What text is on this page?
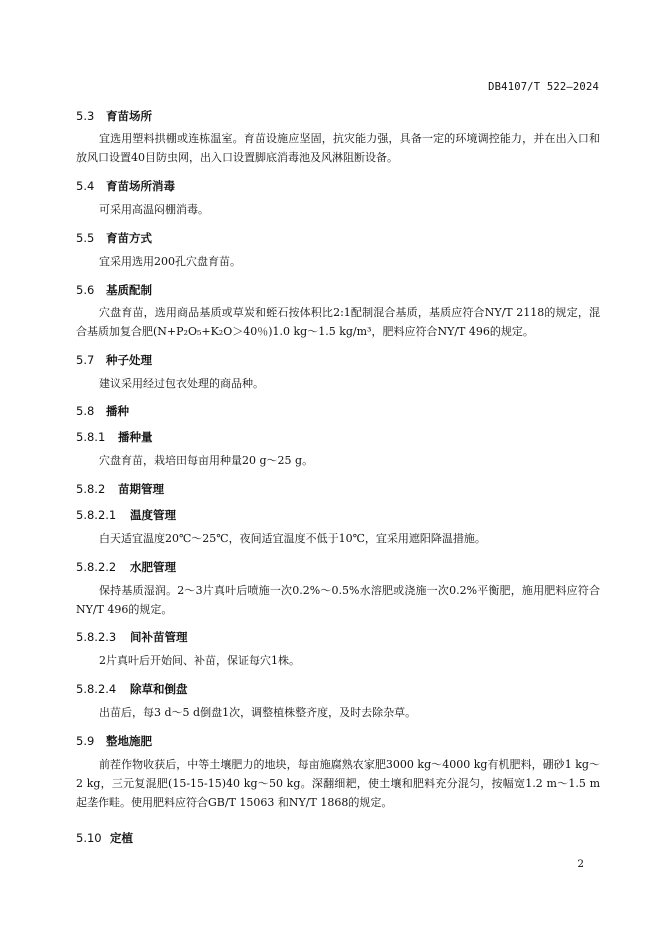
DB4107/T 522—2024
5.3 育苗场所
宜选用塑料拱棚或连栋温室。育苗设施应坚固，抗灾能力强，具备一定的环境调控能力，并在出入口和放风口设置40目防虫网，出入口设置脚底消毒池及风淋阻断设备。
5.4 育苗场所消毒
可采用高温闷棚消毒。
5.5 育苗方式
宜采用选用200孔穴盘育苗。
5.6 基质配制
穴盘育苗，选用商品基质或草炭和蛭石按体积比2:1配制混合基质，基质应符合NY/T 2118的规定，混合基质加复合肥(N+P₂O₅+K₂O＞40％)1.0 kg～1.5 kg/m³，肥料应符合NY/T 496的规定。
5.7 种子处理
建议采用经过包衣处理的商品种。
5.8 播种
5.8.1 播种量
穴盘育苗，栽培田每亩用种量20 g～25 g。
5.8.2 苗期管理
5.8.2.1 温度管理
白天适宜温度20℃～25℃，夜间适宜温度不低于10℃，宜采用遮阳降温措施。
5.8.2.2 水肥管理
保持基质湿润。2～3片真叶后喷施一次0.2%～0.5%水溶肥或浇施一次0.2%平衡肥，施用肥料应符合NY/T 496的规定。
5.8.2.3 间补苗管理
2片真叶后开始间、补苗，保证每穴1株。
5.8.2.4 除草和倒盘
出苗后，每3 d～5 d倒盘1次，调整植株整齐度，及时去除杂草。
5.9 整地施肥
前茬作物收获后，中等土壤肥力的地块，每亩施腐熟农家肥3000 kg～4000 kg有机肥料，硼砂1 kg～2 kg，三元复混肥(15-15-15)40 kg～50 kg。深翻细耙，使土壤和肥料充分混匀，按幅宽1.2 m～1.5 m起垄作畦。使用肥料应符合GB/T 15063 和NY/T 1868的规定。
5.10 定植
2
